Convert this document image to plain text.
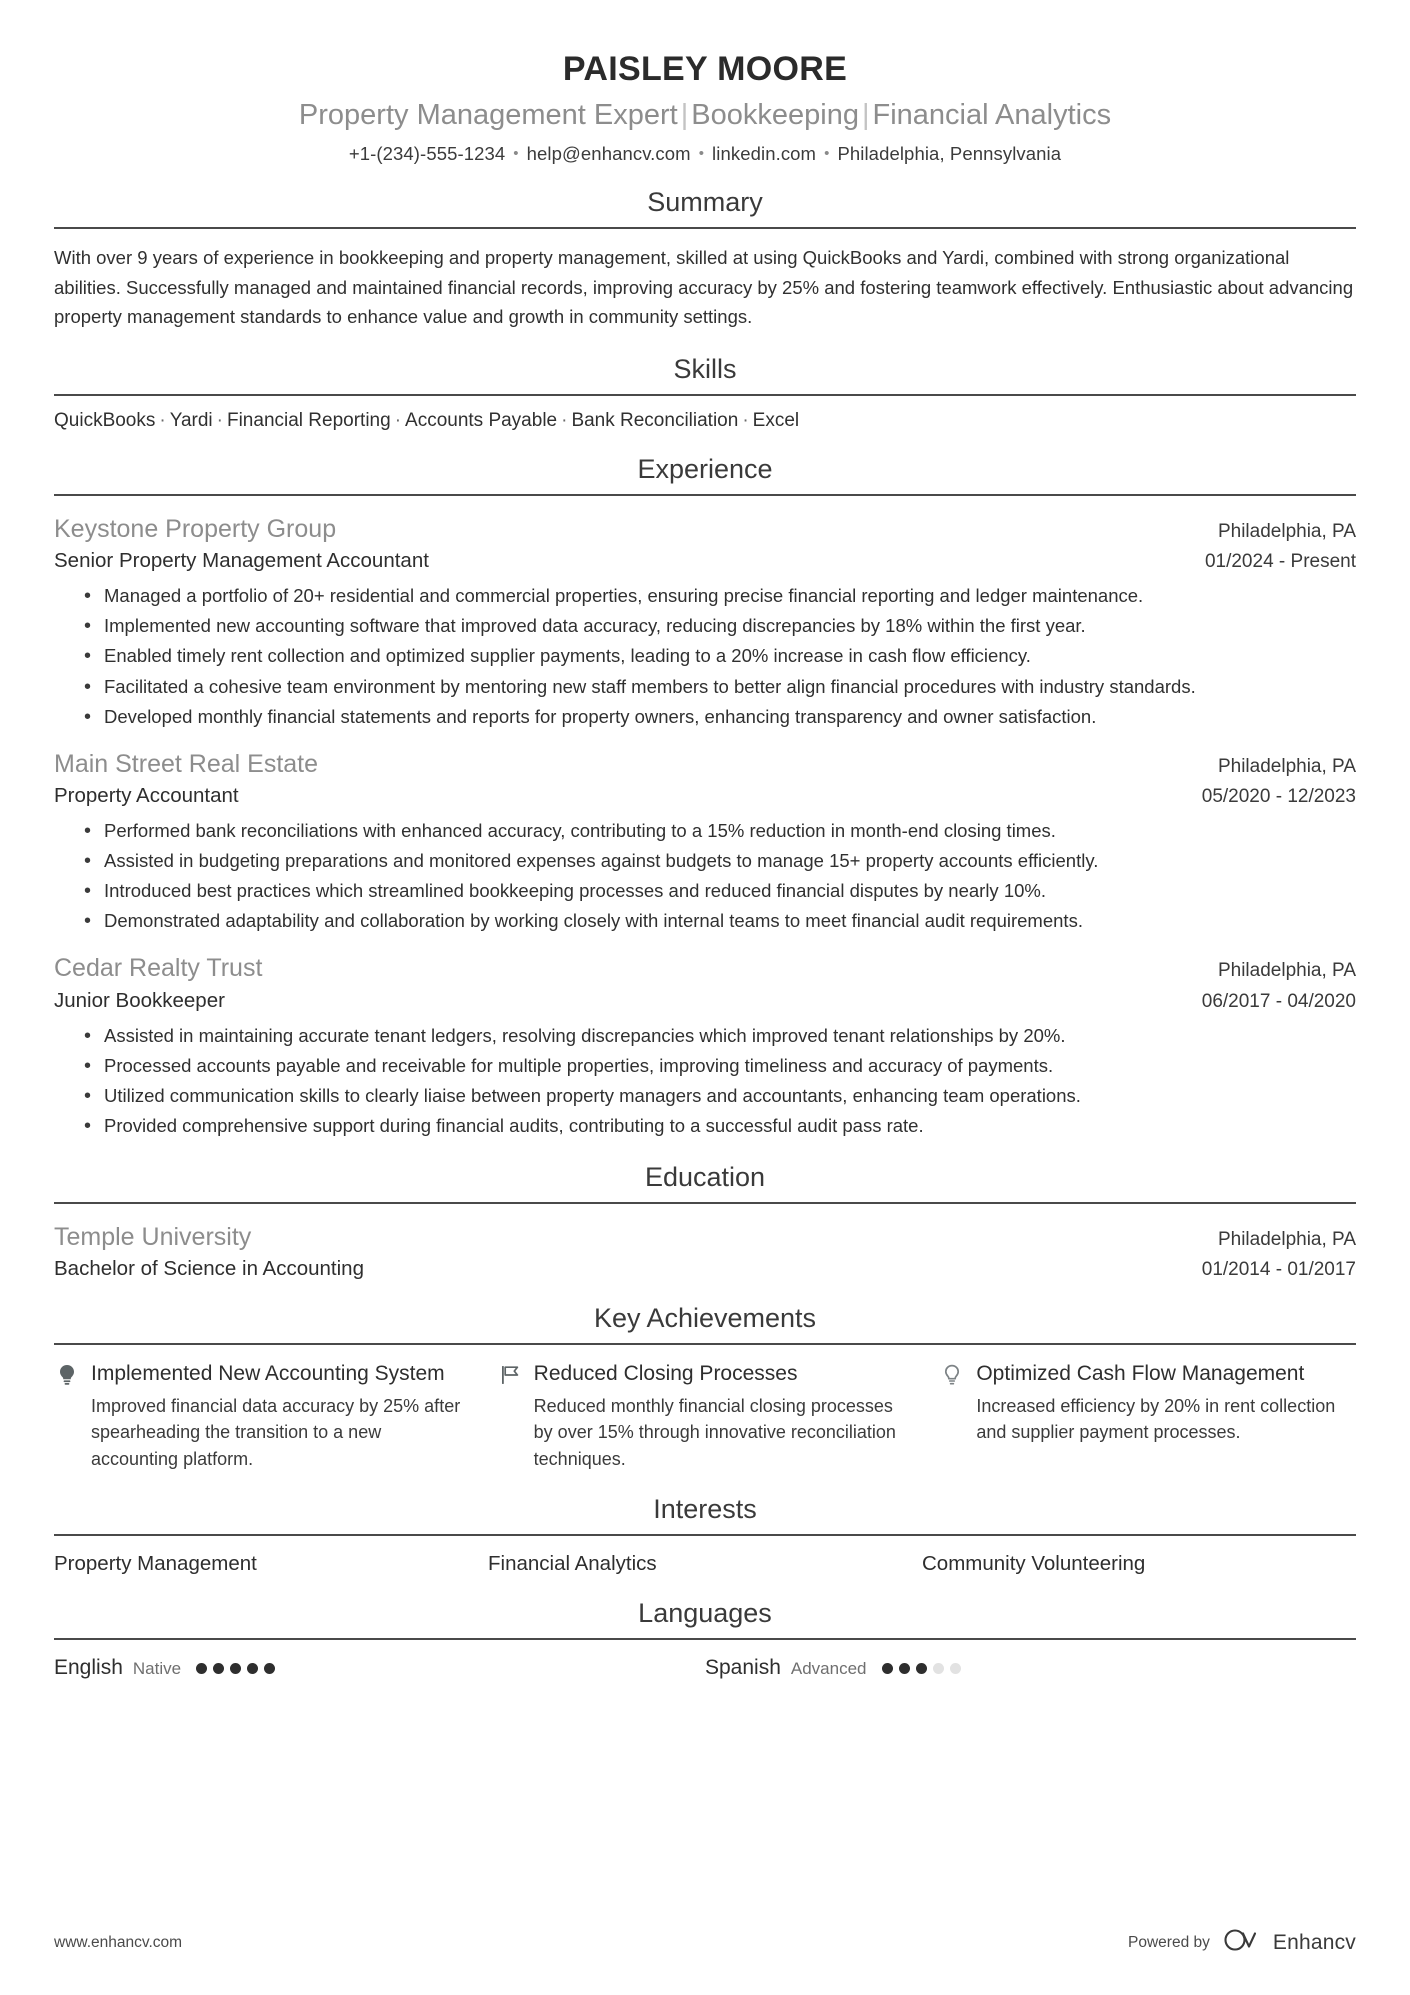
PAISLEY MOORE
Property Management Expert | Bookkeeping | Financial Analytics
+1-(234)-555-1234 • help@enhancv.com • linkedin.com • Philadelphia, Pennsylvania
Summary
With over 9 years of experience in bookkeeping and property management, skilled at using QuickBooks and Yardi, combined with strong organizational abilities. Successfully managed and maintained financial records, improving accuracy by 25% and fostering teamwork effectively. Enthusiastic about advancing property management standards to enhance value and growth in community settings.
Skills
QuickBooks · Yardi · Financial Reporting · Accounts Payable · Bank Reconciliation · Excel
Experience
Keystone Property Group	Philadelphia, PA
Senior Property Management Accountant	01/2024 - Present
• Managed a portfolio of 20+ residential and commercial properties, ensuring precise financial reporting and ledger maintenance.
• Implemented new accounting software that improved data accuracy, reducing discrepancies by 18% within the first year.
• Enabled timely rent collection and optimized supplier payments, leading to a 20% increase in cash flow efficiency.
• Facilitated a cohesive team environment by mentoring new staff members to better align financial procedures with industry standards.
• Developed monthly financial statements and reports for property owners, enhancing transparency and owner satisfaction.
Main Street Real Estate	Philadelphia, PA
Property Accountant	05/2020 - 12/2023
• Performed bank reconciliations with enhanced accuracy, contributing to a 15% reduction in month-end closing times.
• Assisted in budgeting preparations and monitored expenses against budgets to manage 15+ property accounts efficiently.
• Introduced best practices which streamlined bookkeeping processes and reduced financial disputes by nearly 10%.
• Demonstrated adaptability and collaboration by working closely with internal teams to meet financial audit requirements.
Cedar Realty Trust	Philadelphia, PA
Junior Bookkeeper	06/2017 - 04/2020
• Assisted in maintaining accurate tenant ledgers, resolving discrepancies which improved tenant relationships by 20%.
• Processed accounts payable and receivable for multiple properties, improving timeliness and accuracy of payments.
• Utilized communication skills to clearly liaise between property managers and accountants, enhancing team operations.
• Provided comprehensive support during financial audits, contributing to a successful audit pass rate.
Education
Temple University	Philadelphia, PA
Bachelor of Science in Accounting	01/2014 - 01/2017
Key Achievements
Implemented New Accounting System
Improved financial data accuracy by 25% after spearheading the transition to a new accounting platform.
Reduced Closing Processes
Reduced monthly financial closing processes by over 15% through innovative reconciliation techniques.
Optimized Cash Flow Management
Increased efficiency by 20% in rent collection and supplier payment processes.
Interests
Property Management	Financial Analytics	Community Volunteering
Languages
English Native	Spanish Advanced
www.enhancv.com	Powered by	Enhancv
